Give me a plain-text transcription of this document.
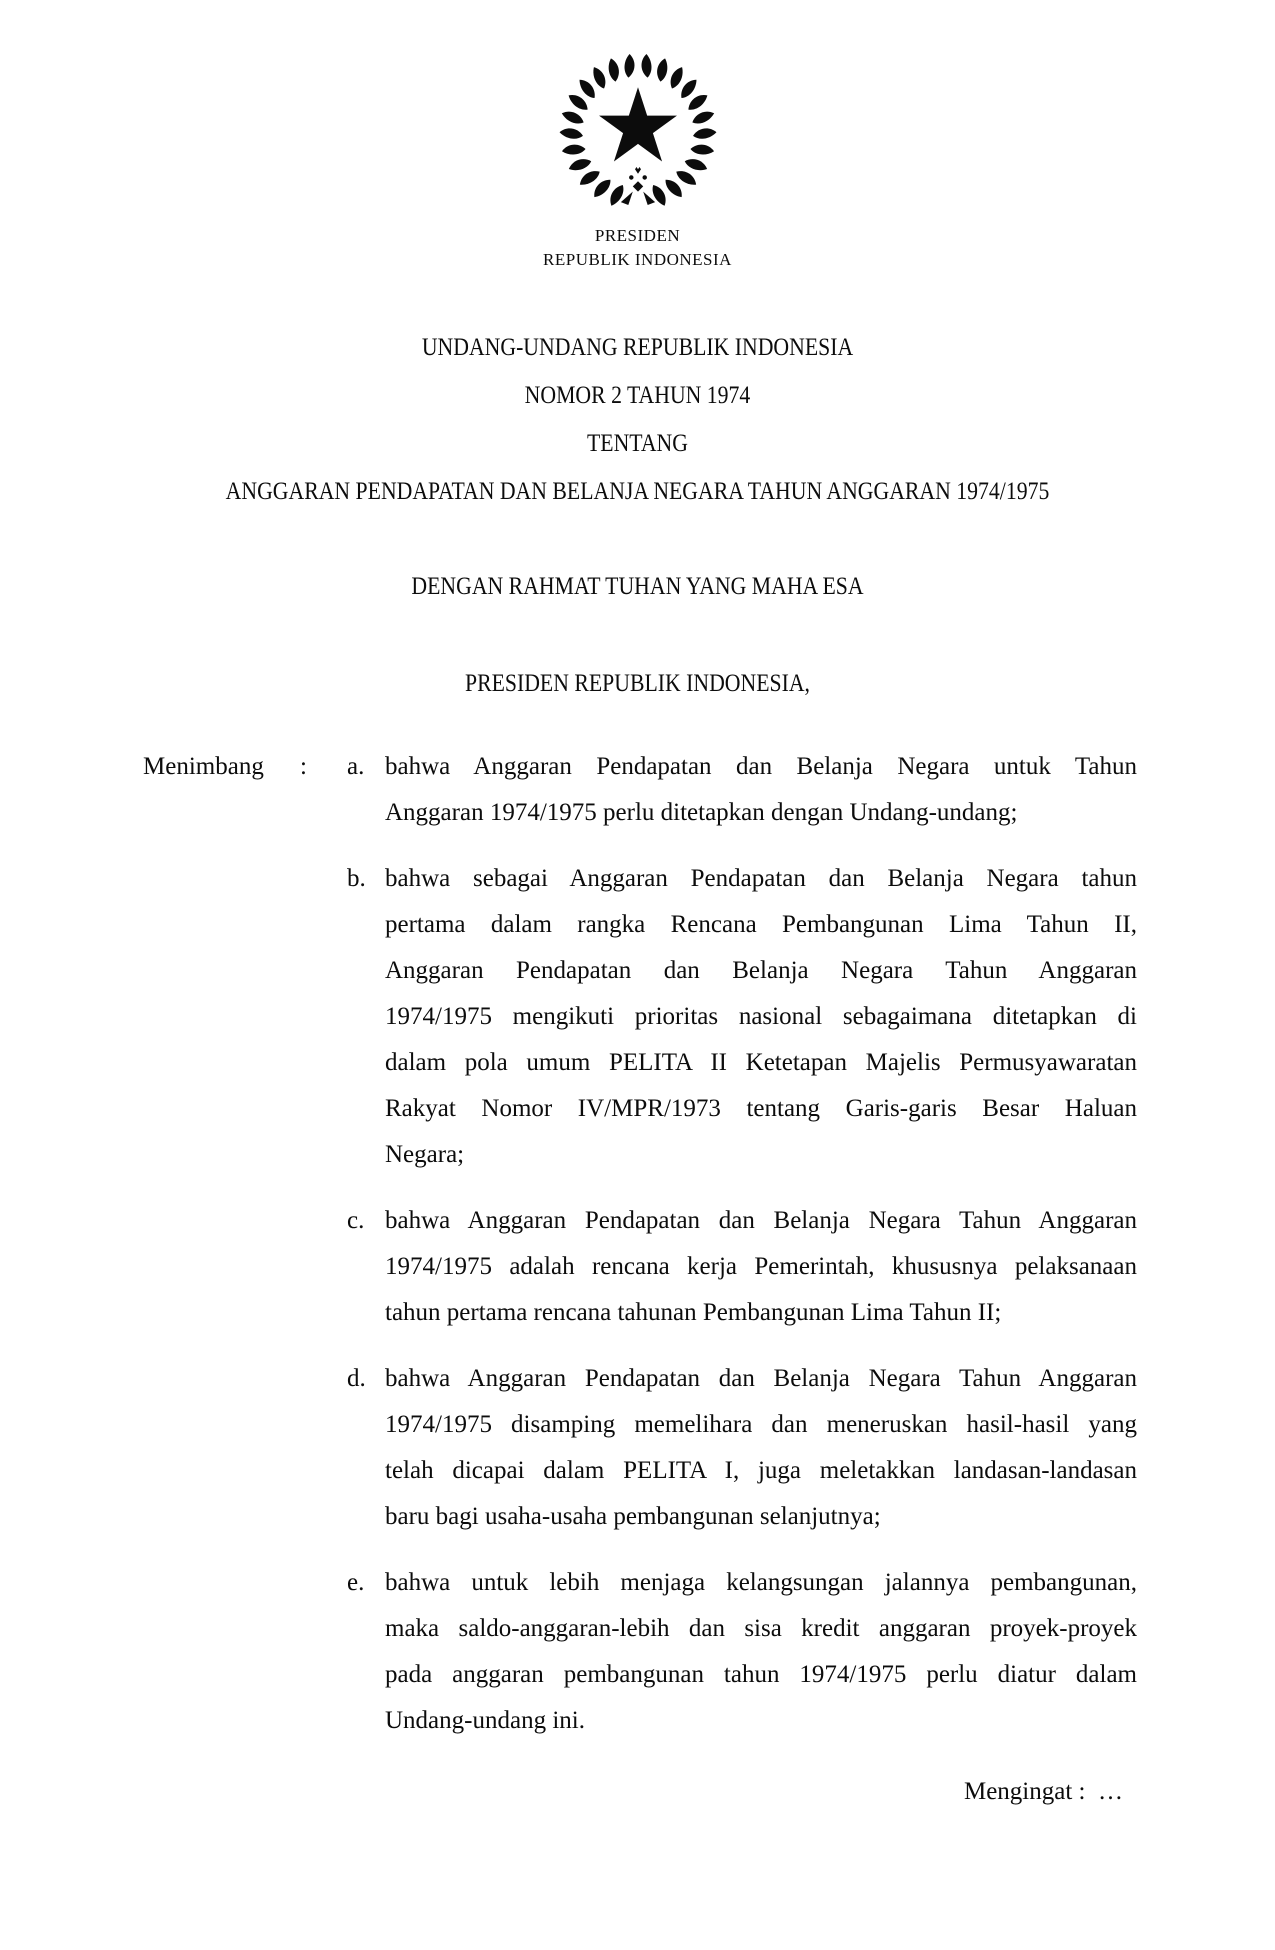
PRESIDEN
REPUBLIK INDONESIA
UNDANG-UNDANG REPUBLIK INDONESIA
NOMOR 2 TAHUN 1974
TENTANG
ANGGARAN PENDAPATAN DAN BELANJA NEGARA TAHUN ANGGARAN 1974/1975
DENGAN RAHMAT TUHAN YANG MAHA ESA
PRESIDEN REPUBLIK INDONESIA,
Menimbang	:	a. bahwa Anggaran Pendapatan dan Belanja Negara untuk Tahun
Anggaran 1974/1975 perlu ditetapkan dengan Undang-undang;
b. bahwa sebagai Anggaran Pendapatan dan Belanja Negara tahun
pertama dalam rangka Rencana Pembangunan Lima Tahun II,
Anggaran Pendapatan dan Belanja Negara Tahun Anggaran
1974/1975 mengikuti prioritas nasional sebagaimana ditetapkan di
dalam pola umum PELITA II Ketetapan Majelis Permusyawaratan
Rakyat Nomor IV/MPR/1973 tentang Garis-garis Besar Haluan
Negara;
c. bahwa Anggaran Pendapatan dan Belanja Negara Tahun Anggaran
1974/1975 adalah rencana kerja Pemerintah, khususnya pelaksanaan
tahun pertama rencana tahunan Pembangunan Lima Tahun II;
d. bahwa Anggaran Pendapatan dan Belanja Negara Tahun Anggaran
1974/1975 disamping memelihara dan meneruskan hasil-hasil yang
telah dicapai dalam PELITA I, juga meletakkan landasan-landasan
baru bagi usaha-usaha pembangunan selanjutnya;
e. bahwa untuk lebih menjaga kelangsungan jalannya pembangunan,
maka saldo-anggaran-lebih dan sisa kredit anggaran proyek-proyek
pada anggaran pembangunan tahun 1974/1975 perlu diatur dalam
Undang-undang ini.
Mengingat :  …
